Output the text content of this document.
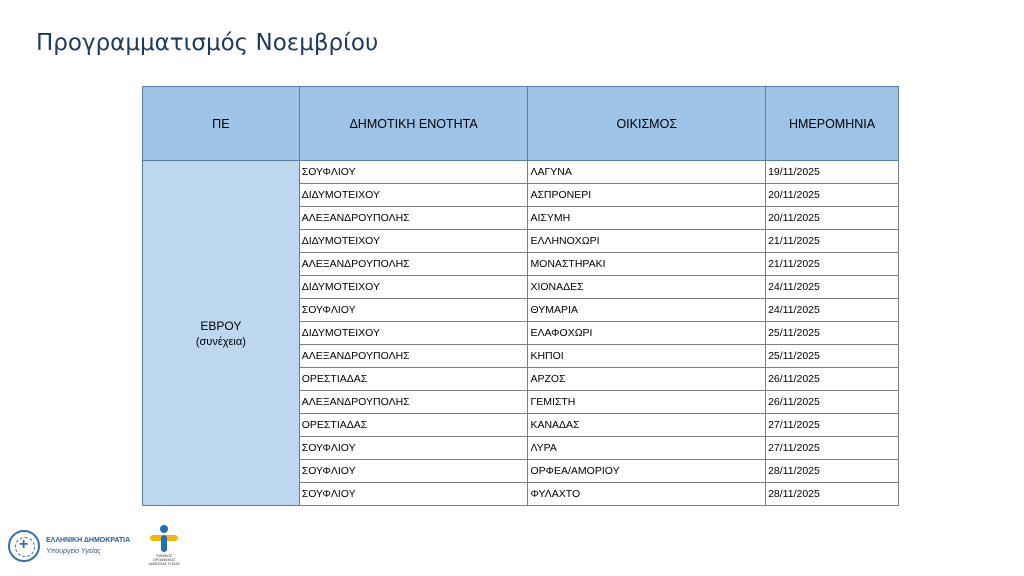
Προγραμματισμός Νοεμβρίου
ΠΕ	ΔΗΜΟΤΙΚΗ ΕΝΟΤΗΤΑ	ΟΙΚΙΣΜΟΣ	ΗΜΕΡΟΜΗΝΙΑ

ΕΒΡΟΥ
(συνέχεια)	ΣΟΥΦΛΙΟΥ	ΛΑΓΥΝΑ	19/11/2025
	ΔΙΔΥΜΟΤΕΙΧΟΥ	ΑΣΠΡΟΝΕΡΙ	20/11/2025
	ΑΛΕΞΑΝΔΡΟΥΠΟΛΗΣ	ΑΙΣΥΜΗ	20/11/2025
	ΔΙΔΥΜΟΤΕΙΧΟΥ	ΕΛΛΗΝΟΧΩΡΙ	21/11/2025
	ΑΛΕΞΑΝΔΡΟΥΠΟΛΗΣ	ΜΟΝΑΣΤΗΡΑΚΙ	21/11/2025
	ΔΙΔΥΜΟΤΕΙΧΟΥ	ΧΙΟΝΑΔΕΣ	24/11/2025
	ΣΟΥΦΛΙΟΥ	ΘΥΜΑΡΙΑ	24/11/2025
	ΔΙΔΥΜΟΤΕΙΧΟΥ	ΕΛΑΦΟΧΩΡΙ	25/11/2025
	ΑΛΕΞΑΝΔΡΟΥΠΟΛΗΣ	ΚΗΠΟΙ	25/11/2025
	ΟΡΕΣΤΙΑΔΑΣ	ΑΡΖΟΣ	26/11/2025
	ΑΛΕΞΑΝΔΡΟΥΠΟΛΗΣ	ΓΕΜΙΣΤΗ	26/11/2025
	ΟΡΕΣΤΙΑΔΑΣ	ΚΑΝΑΔΑΣ	27/11/2025
	ΣΟΥΦΛΙΟΥ	ΛΥΡΑ	27/11/2025
	ΣΟΥΦΛΙΟΥ	ΟΡΦΕΑ/ΑΜΟΡΙΟΥ	28/11/2025
	ΣΟΥΦΛΙΟΥ	ΦΥΛΑΧΤΟ	28/11/2025
+
ΕΛΛΗΝΙΚΗ ΔΗΜΟΚΡΑΤΙΑ
Υπουργείο Υγείας
ΕΘΝΙΚΟΣ ΟΡΓΑΝΙΣΜΟΣ ΔΗΜΟΣΙΑΣ ΥΓΕΙΑΣ
